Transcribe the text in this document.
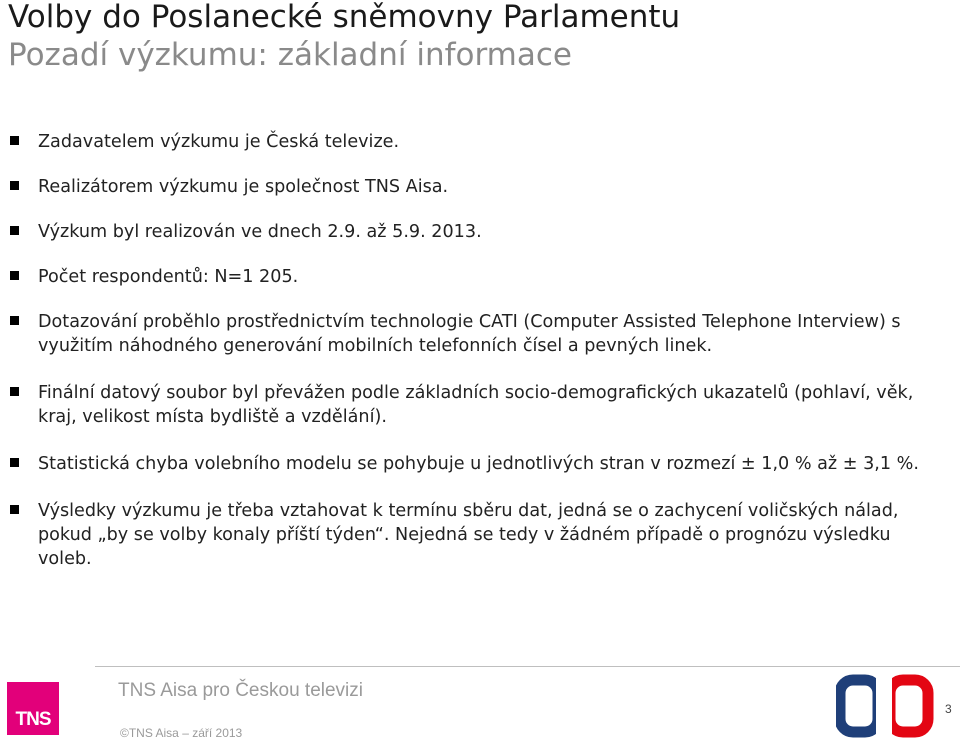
Volby do Poslanecké sněmovny Parlamentu
Pozadí výzkumu: základní informace
Zadavatelem výzkumu je Česká televize.
Realizátorem výzkumu je společnost TNS Aisa.
Výzkum byl realizován ve dnech 2.9. až 5.9. 2013.
Počet respondentů: N=1 205.
Dotazování proběhlo prostřednictvím technologie CATI (Computer Assisted Telephone Interview) s využitím náhodného generování mobilních telefonních čísel a pevných linek.
Finální datový soubor byl převážen podle základních socio-demografických ukazatelů (pohlaví, věk, kraj, velikost místa bydliště a vzdělání).
Statistická chyba volebního modelu se pohybuje u jednotlivých stran v rozmezí ± 1,0 % až ± 3,1 %.
Výsledky výzkumu je třeba vztahovat k termínu sběru dat, jedná se o zachycení voličských nálad, pokud „by se volby konaly příští týden“. Nejedná se tedy v žádném případě o prognózu výsledku voleb.
TNS
TNS Aisa pro Českou televizi
©TNS Aisa – září 2013
3
